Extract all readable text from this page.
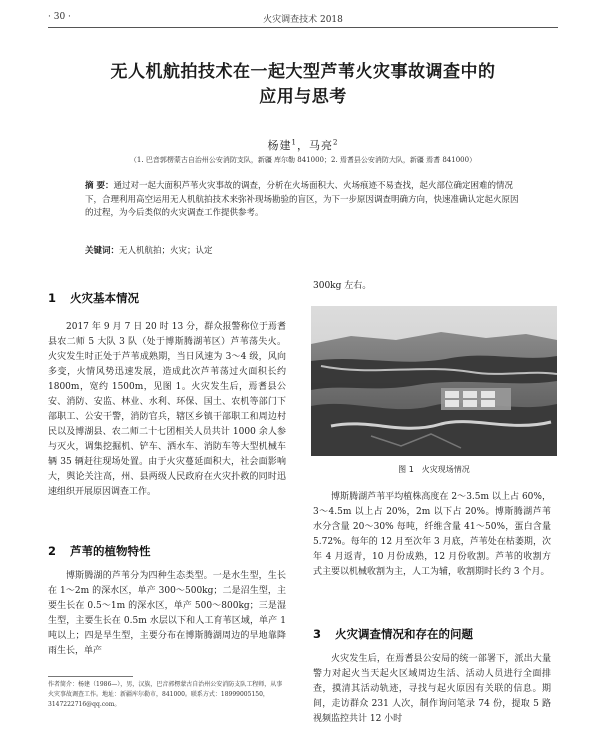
· 30 ·	火灾调查技术 2018
无人机航拍技术在一起大型芦苇火灾事故调查中的
应用与思考
杨建$^1$，马亮$^2$
（1. 巴音郭楞蒙古自治州公安消防支队，新疆 库尔勒 841000；2. 焉耆县公安消防大队，新疆 焉耆 841000）

摘 要：通过对一起大面积芦苇火灾事故的调查，分析在火场面积大、火场痕迹不易查找，起火部位确定困难的情况下，合理利用高空运用无人机航拍技术来弥补现场勘验的盲区，为下一步原因调查明确方向，快速准确认定起火原因的过程，为今后类似的火灾调查工作提供参考。

关键词：无人机航拍；火灾；认定

1 火灾基本情况

2017 年 9 月 7 日 20 时 13 分，群众报警称位于焉耆县农二师 5 大队 3 队（处于博斯腾湖苇区）芦苇荡失火。火灾发生时正处于芦苇成熟期，当日风速为 3～4 级，风向多变，火情风势迅速发展，造成此次芦苇荡过火面积长约 1800m，宽约 1500m，见图 1。火灾发生后，焉耆县公安、消防、安监、林业、水利、环保、国土、农机等部门下部职工、公安干警，消防官兵，辖区乡镇干部职工和周边村民以及博湖县、农二师二十七团相关人员共计 1000 余人参与灭火，调集挖掘机、铲车、洒水车、消防车等大型机械车辆 35 辆赶往现场处置。由于火灾蔓延面积大，社会面影响大，舆论关注高，州、县两级人民政府在火灾扑救的同时迅速组织开展原因调查工作。

2 芦苇的植物特性

博斯腾湖的芦苇分为四种生态类型。一是水生型，生长在 1～2m 的深水区，单产 300～500kg；二是沼生型，主要生长在 0.5～1m 的深水区，单产 500～800kg；三是湿生型，主要生长在 0.5m 水层以下和人工育苇区域，单产 1 吨以上；四是旱生型，主要分布在博斯腾湖周边的旱地靠降雨生长，单产

作者简介：杨建（1986—），男，汉族，巴音郭楞蒙古自治州公安消防支队工程师，从事火灾事故调查工作。地址：新疆库尔勒市，841000。联系方式：18999005150，3147222716@qq.com。

300kg 左右。

图 1　火灾现场情况

博斯腾湖芦苇平均植株高度在 2～3.5m 以上占 60%，3～4.5m 以上占 20%，2m 以下占 20%。博斯腾湖芦苇水分含量 20～30% 每吨，纤维含量 41～50%，蛋白含量 5.72%。每年的 12 月至次年 3 月底，芦苇处在枯萎期，次年 4 月返青，10 月份成熟，12 月份收割。芦苇的收割方式主要以机械收割为主，人工为辅，收割期时长约 3 个月。

3 火灾调查情况和存在的问题

火灾发生后，在焉耆县公安局的统一部署下，派出大量警力对起火当天起火区域周边生活、活动人员进行全面排查，摸清其活动轨迹，寻找与起火原因有关联的信息。期间，走访群众 231 人次，制作询问笔录 74 份，提取 5 路视频监控共计 12 小时
